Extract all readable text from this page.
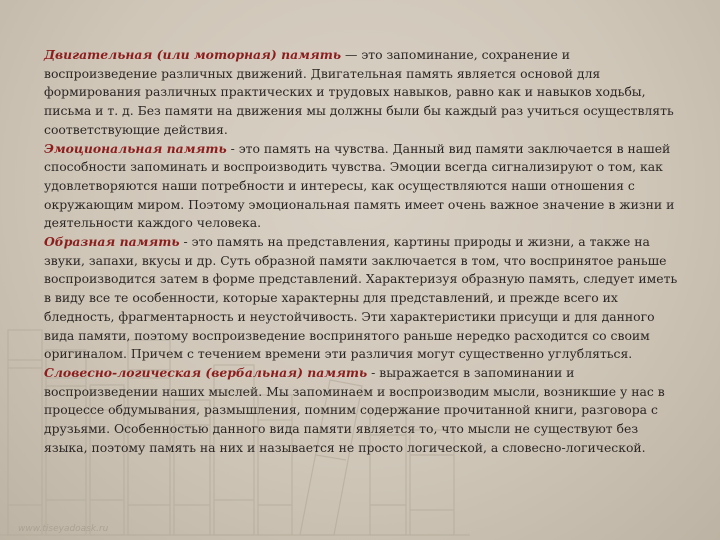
Двигательная (или моторная) память — это запоминание, сохранение и воспроизведение различных движений. Двигательная память является основой для формирования различных практических и трудовых навыков, равно как и навыков ходьбы, письма и т. д. Без памяти на движения мы должны были бы каждый раз учиться осуществлять соответствующие действия.

Эмоциональная память - это память на чувства. Данный вид памяти заключается в нашей способности запоминать и воспроизводить чувства. Эмоции всегда сигнализируют о том, как удовлетворяются наши потребности и интересы, как осуществляются наши отношения с окружающим миром. Поэтому эмоциональная память имеет очень важное значение в жизни и деятельности каждого человека.

Образная память - это память на представления, картины природы и жизни, а также на звуки, запахи, вкусы и др. Суть образной памяти заключается в том, что воспринятое раньше воспроизводится затем в форме представлений. Характеризуя образную память, следует иметь в виду все те особенности, которые характерны для представлений, и прежде всего их бледность, фрагментарность и неустойчивость. Эти характеристики присущи и для данного вида памяти, поэтому воспроизведение воспринятого раньше нередко расходится со своим оригиналом. Причем с течением времени эти различия могут существенно углубляться.

Словесно-логическая (вербальная) память - выражается в запоминании и воспроизведении наших мыслей. Мы запоминаем и воспроизводим мысли, возникшие у нас в процессе обдумывания, размышления, помним содержание прочитанной книги, разговора с друзьями. Особенностью данного вида памяти является то, что мысли не существуют без языка, поэтому память на них и называется не просто логической, а словесно-логической.

www.tiseyadoask.ru
